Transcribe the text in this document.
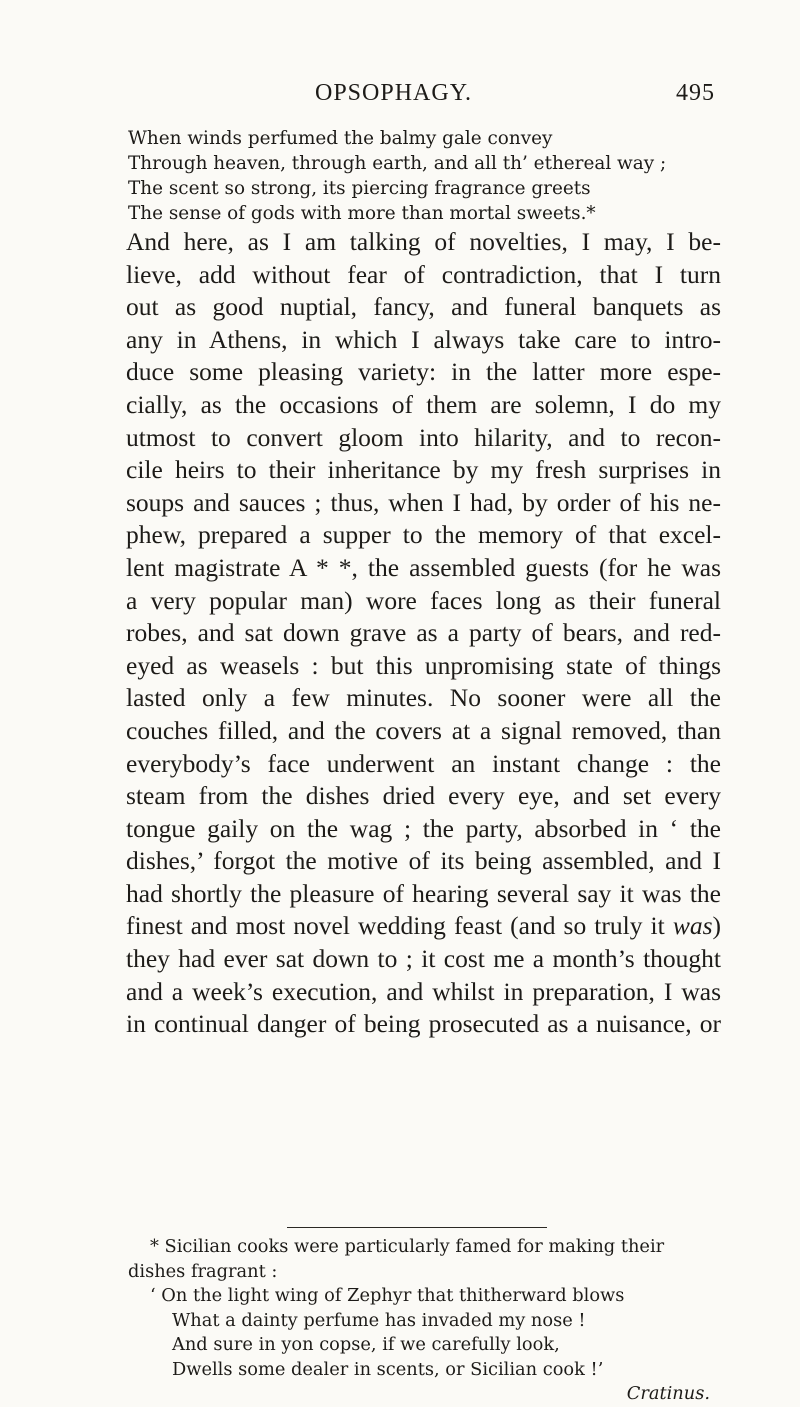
OPSOPHAGY.	495
When winds perfumed the balmy gale convey
Through heaven, through earth, and all th’ ethereal way ;
The scent so strong, its piercing fragrance greets
The sense of gods with more than mortal sweets.*
And here, as I am talking of novelties, I may, I be-
lieve, add without fear of contradiction, that I turn
out as good nuptial, fancy, and funeral banquets as
any in Athens, in which I always take care to intro-
duce some pleasing variety: in the latter more espe-
cially, as the occasions of them are solemn, I do my
utmost to convert gloom into hilarity, and to recon-
cile heirs to their inheritance by my fresh surprises in
soups and sauces ; thus, when I had, by order of his ne-
phew, prepared a supper to the memory of that excel-
lent magistrate A * *, the assembled guests (for he was
a very popular man) wore faces long as their funeral
robes, and sat down grave as a party of bears, and red-
eyed as weasels : but this unpromising state of things
lasted only a few minutes. No sooner were all the
couches filled, and the covers at a signal removed, than
everybody’s face underwent an instant change : the
steam from the dishes dried every eye, and set every
tongue gaily on the wag ; the party, absorbed in ‘ the
dishes,’ forgot the motive of its being assembled, and I
had shortly the pleasure of hearing several say it was the
finest and most novel wedding feast (and so truly it was)
they had ever sat down to ; it cost me a month’s thought
and a week’s execution, and whilst in preparation, I was
in continual danger of being prosecuted as a nuisance, or
* Sicilian cooks were particularly famed for making their
dishes fragrant :
‘ On the light wing of Zephyr that thitherward blows
What a dainty perfume has invaded my nose !
And sure in yon copse, if we carefully look,
Dwells some dealer in scents, or Sicilian cook !’
Cratinus.
